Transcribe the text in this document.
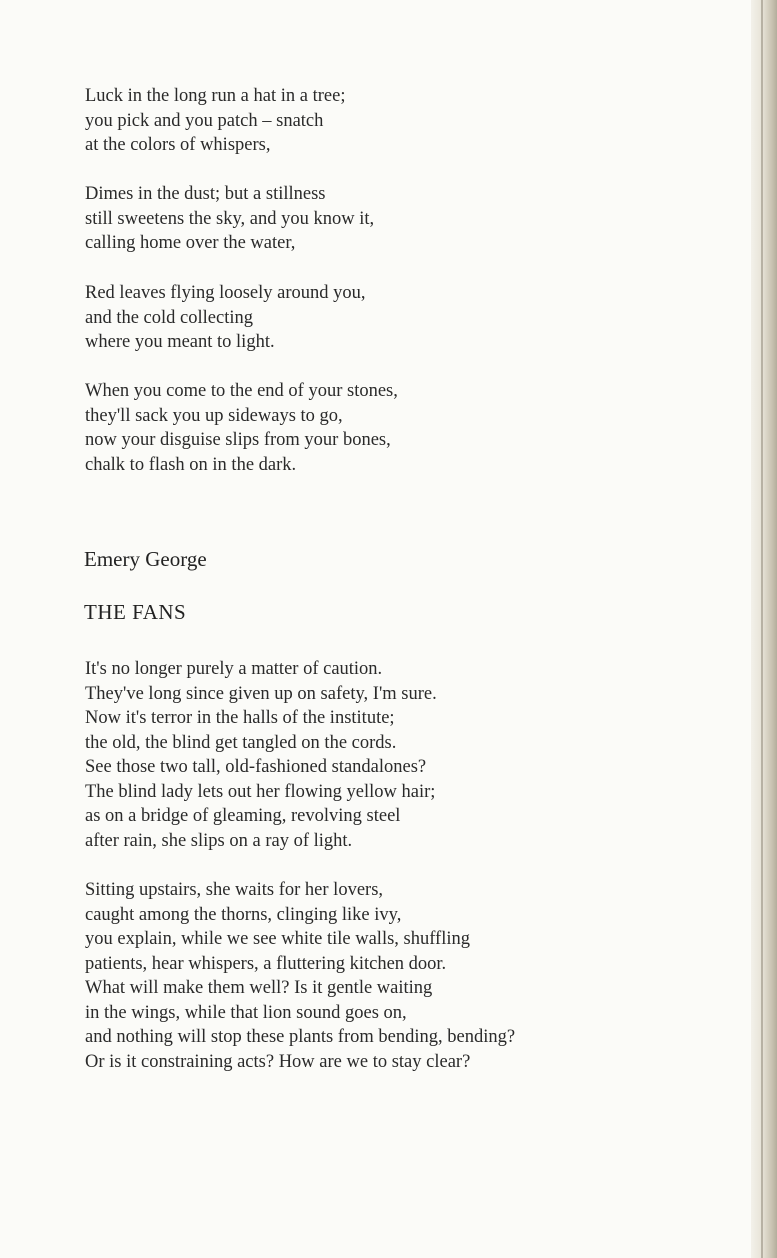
Luck in the long run a hat in a tree;
you pick and you patch – snatch
at the colors of whispers,
Dimes in the dust; but a stillness
still sweetens the sky, and you know it,
calling home over the water,
Red leaves flying loosely around you,
and the cold collecting
where you meant to light.
When you come to the end of your stones,
they'll sack you up sideways to go,
now your disguise slips from your bones,
chalk to flash on in the dark.
Emery George
THE FANS
It's no longer purely a matter of caution.
They've long since given up on safety, I'm sure.
Now it's terror in the halls of the institute;
the old, the blind get tangled on the cords.
See those two tall, old-fashioned standalones?
The blind lady lets out her flowing yellow hair;
as on a bridge of gleaming, revolving steel
after rain, she slips on a ray of light.
Sitting upstairs, she waits for her lovers,
caught among the thorns, clinging like ivy,
you explain, while we see white tile walls, shuffling
patients, hear whispers, a fluttering kitchen door.
What will make them well? Is it gentle waiting
in the wings, while that lion sound goes on,
and nothing will stop these plants from bending, bending?
Or is it constraining acts? How are we to stay clear?
